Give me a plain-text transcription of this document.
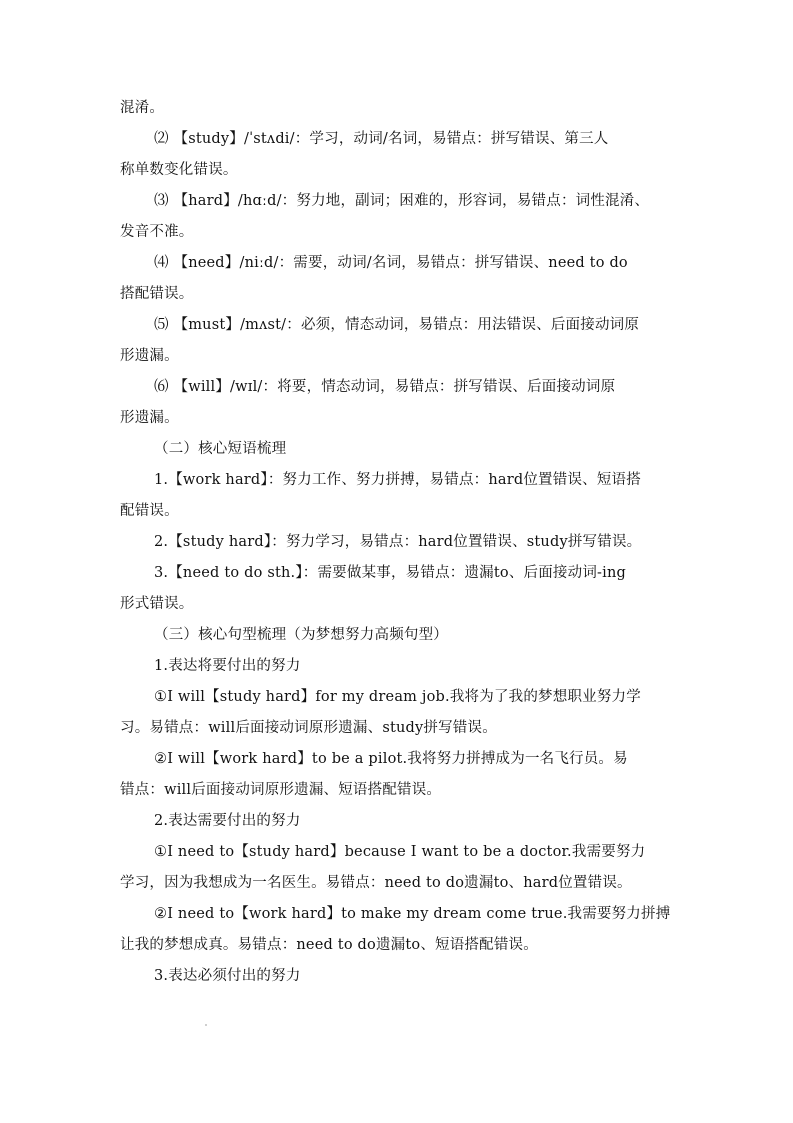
混淆。
⑵ 【study】/ˈstʌdi/：学习，动词/名词，易错点：拼写错误、第三人
称单数变化错误。
⑶ 【hard】/hɑːd/：努力地，副词；困难的，形容词，易错点：词性混淆、
发音不准。
⑷ 【need】/niːd/：需要，动词/名词，易错点：拼写错误、need to do
搭配错误。
⑸ 【must】/mʌst/：必须，情态动词，易错点：用法错误、后面接动词原
形遗漏。
⑹ 【will】/wɪl/：将要，情态动词，易错点：拼写错误、后面接动词原
形遗漏。
（二）核心短语梳理
1.【work hard】：努力工作、努力拼搏，易错点：hard位置错误、短语搭
配错误。
2.【study hard】：努力学习，易错点：hard位置错误、study拼写错误。
3.【need to do sth.】：需要做某事，易错点：遗漏to、后面接动词-ing
形式错误。
（三）核心句型梳理（为梦想努力高频句型）
1.表达将要付出的努力
①I will【study hard】for my dream job.我将为了我的梦想职业努力学
习。易错点：will后面接动词原形遗漏、study拼写错误。
②I will【work hard】to be a pilot.我将努力拼搏成为一名飞行员。易
错点：will后面接动词原形遗漏、短语搭配错误。
2.表达需要付出的努力
①I need to【study hard】because I want to be a doctor.我需要努力
学习，因为我想成为一名医生。易错点：need to do遗漏to、hard位置错误。
②I need to【work hard】to make my dream come true.我需要努力拼搏
让我的梦想成真。易错点：need to do遗漏to、短语搭配错误。
3.表达必须付出的努力
